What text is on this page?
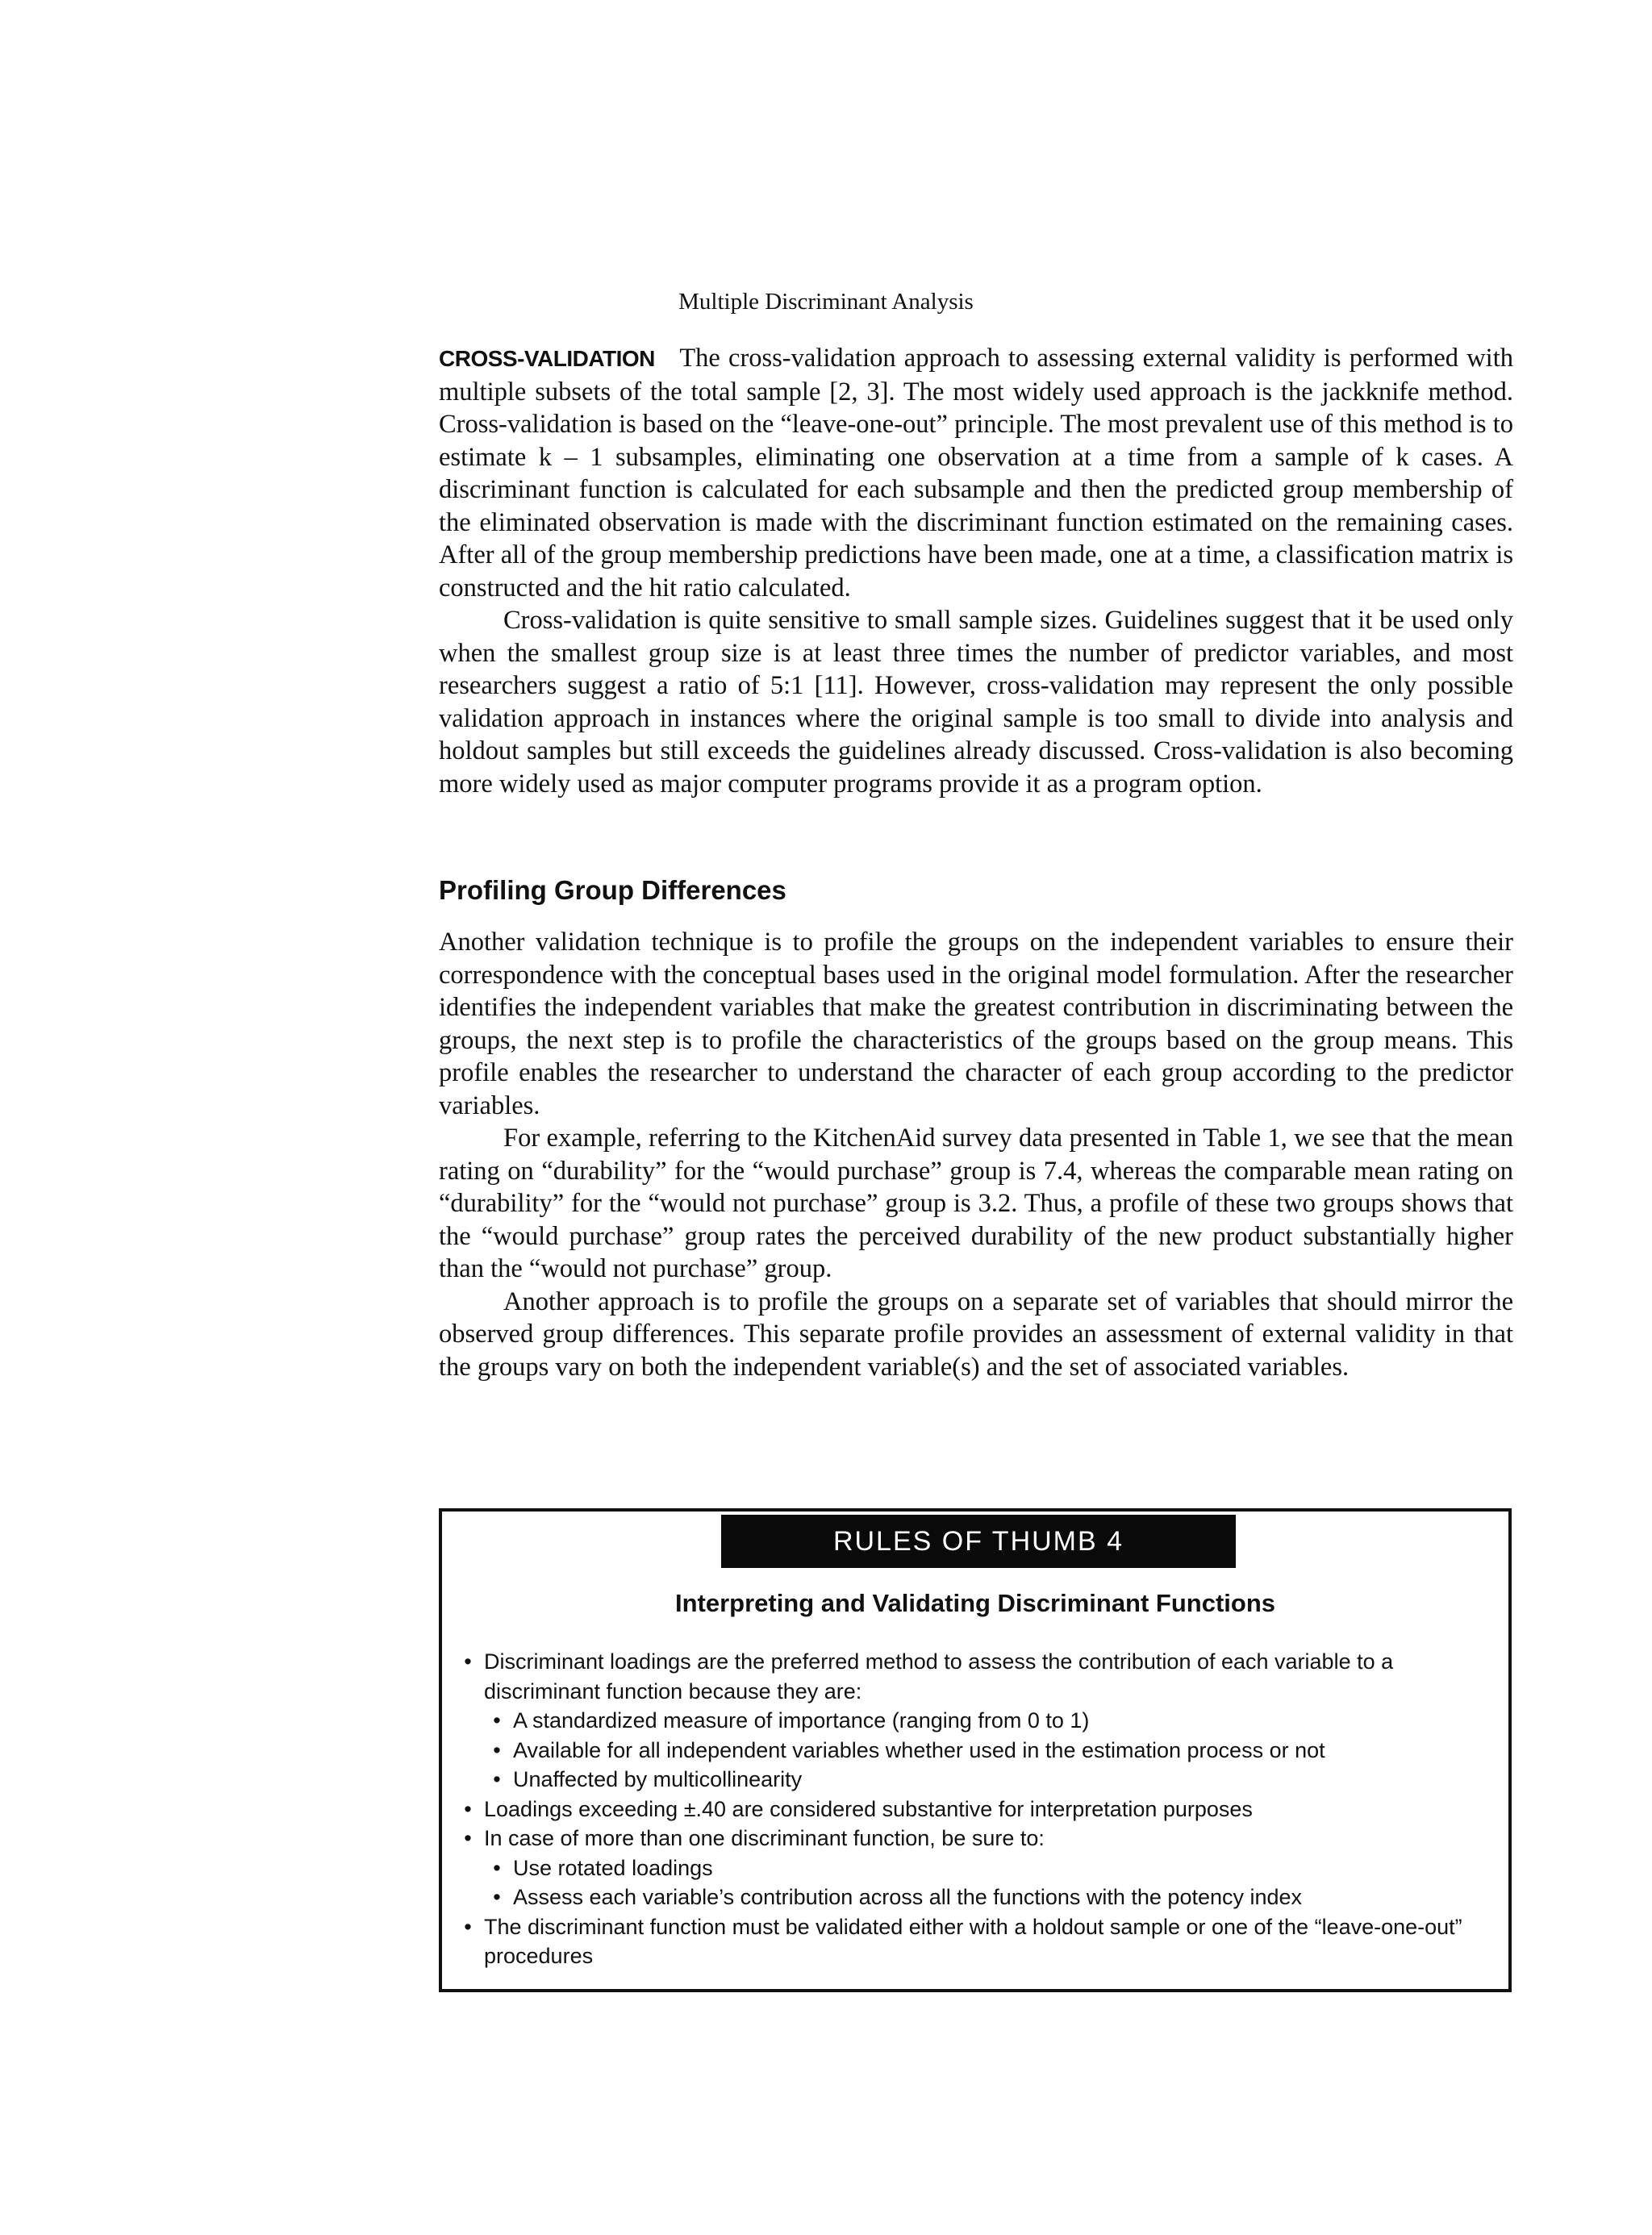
Multiple Discriminant Analysis

CROSS-VALIDATION The cross-validation approach to assessing external validity is performed with multiple subsets of the total sample [2, 3]. The most widely used approach is the jackknife method. Cross-validation is based on the “leave-one-out” principle. The most prevalent use of this method is to estimate k – 1 subsamples, eliminating one observation at a time from a sample of k cases. A discriminant function is calculated for each subsample and then the predicted group membership of the eliminated observation is made with the discriminant function estimated on the remaining cases. After all of the group membership predictions have been made, one at a time, a classification matrix is constructed and the hit ratio calculated.

Cross-validation is quite sensitive to small sample sizes. Guidelines suggest that it be used only when the smallest group size is at least three times the number of predictor variables, and most researchers suggest a ratio of 5:1 [11]. However, cross-validation may represent the only possible validation approach in instances where the original sample is too small to divide into analysis and holdout samples but still exceeds the guidelines already discussed. Cross-validation is also becoming more widely used as major computer programs provide it as a program option.

Profiling Group Differences

Another validation technique is to profile the groups on the independent variables to ensure their correspondence with the conceptual bases used in the original model formulation. After the researcher identifies the independent variables that make the greatest contribution in discriminating between the groups, the next step is to profile the characteristics of the groups based on the group means. This profile enables the researcher to understand the character of each group according to the predictor variables.

For example, referring to the KitchenAid survey data presented in Table 1, we see that the mean rating on “durability” for the “would purchase” group is 7.4, whereas the comparable mean rating on “durability” for the “would not purchase” group is 3.2. Thus, a profile of these two groups shows that the “would purchase” group rates the perceived durability of the new product substantially higher than the “would not purchase” group.

Another approach is to profile the groups on a separate set of variables that should mirror the observed group differences. This separate profile provides an assessment of external validity in that the groups vary on both the independent variable(s) and the set of associated variables.

RULES OF THUMB 4

Interpreting and Validating Discriminant Functions

• Discriminant loadings are the preferred method to assess the contribution of each variable to a discriminant function because they are:
• A standardized measure of importance (ranging from 0 to 1)
• Available for all independent variables whether used in the estimation process or not
• Unaffected by multicollinearity
• Loadings exceeding ±.40 are considered substantive for interpretation purposes
• In case of more than one discriminant function, be sure to:
• Use rotated loadings
• Assess each variable’s contribution across all the functions with the potency index
• The discriminant function must be validated either with a holdout sample or one of the “leave-one-out” procedures
